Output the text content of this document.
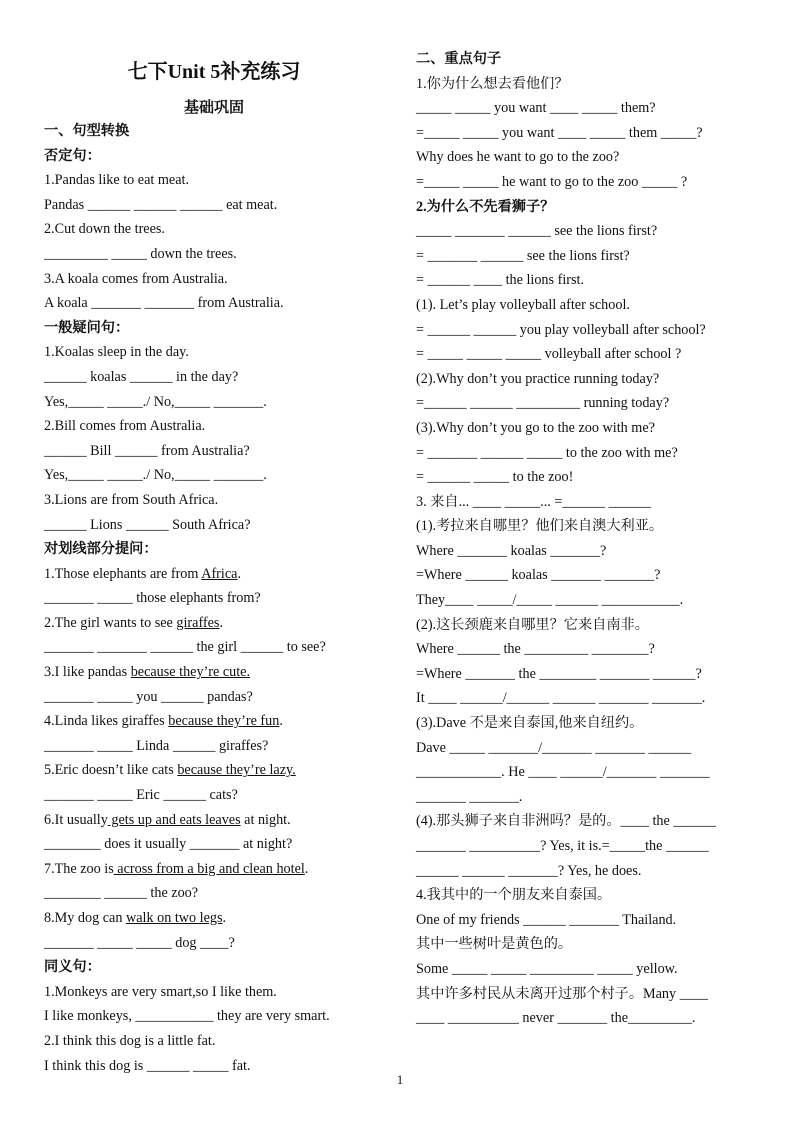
七下Unit 5补充练习
基础巩固
一、句型转换
否定句：
1.Pandas like to eat meat.
Pandas ______ ______ ______ eat meat.
2.Cut down the trees.
_________ _____ down the trees.
3.A koala comes from Australia.
A koala _______ _______ from Australia.
一般疑问句：
1.Koalas sleep in the day.
______ koalas ______ in the day?
Yes,_____ _____./ No,_____ _______.
2.Bill comes from Australia.
______ Bill ______ from Australia?
Yes,_____ _____./ No,_____ _______.
3.Lions are from South Africa.
______ Lions ______ South Africa?
对划线部分提问：
1.Those elephants are from Africa.
_______ _____ those elephants from?
2.The girl wants to see giraffes.
_______ _______ ______ the girl ______ to see?
3.I like pandas because they’re cute.
_______ _____ you ______ pandas?
4.Linda likes giraffes because they’re fun.
_______ _____ Linda ______ giraffes?
5.Eric doesn’t like cats because they’re lazy.
_______ _____ Eric ______ cats?
6.It usually gets up and eats leaves at night.
________ does it usually _______ at night?
7.The zoo is across from a big and clean hotel.
________ ______ the zoo?
8.My dog can walk on two legs.
_______ _____ _____ dog ____?
同义句：
1.Monkeys are very smart,so I like them.
I like monkeys, ___________ they are very smart.
2.I think this dog is a little fat.
I think this dog is ______ _____ fat.
二、重点句子
1.你为什么想去看他们？
_____ _____ you want ____ _____ them?
=_____ _____ you want ____ _____ them _____?
Why does he want to go to the zoo?
=_____ _____ he want to go to the zoo _____ ?
2.为什么不先看狮子？
_____ _______ ______ see the lions first?
= _______ ______ see the lions first?
= ______ ____ the lions first.
(1). Let’s play volleyball after school.
= ______ ______ you play volleyball after school?
= _____ _____ _____ volleyball after school ?
(2).Why don’t you practice running today?
=______ ______ _________ running today?
(3).Why don’t you go to the zoo with me?
= _______ ______ _____ to the zoo with me?
= ______ _____ to the zoo!
3. 来自... ____ _____... =______ ______
(1).考拉来自哪里？他们来自澳大利亚。
Where _______ koalas _______?
=Where ______ koalas _______ _______?
They____ _____/_____ ______ ___________.
(2).这长颈鹿来自哪里？它来自南非。
Where ______ the _________ ________?
=Where _______ the ________ _______ ______?
It ____ ______/______ ______ _______ _______.
(3).Dave 不是来自泰国,他来自纽约。
Dave _____ _______/_______ _______ ______
____________. He ____ ______/_______ _______
_______ _______.
(4).那头狮子来自非洲吗？是的。____ the ______
_______ __________? Yes, it is.=_____the ______
______ ______ _______? Yes, he does.
4.我其中的一个朋友来自泰国。
One of my friends ______ _______ Thailand.
其中一些树叶是黄色的。
Some _____ _____ _________ _____ yellow.
其中许多村民从未离开过那个村子。Many ____
____ __________ never _______ the_________.
1
